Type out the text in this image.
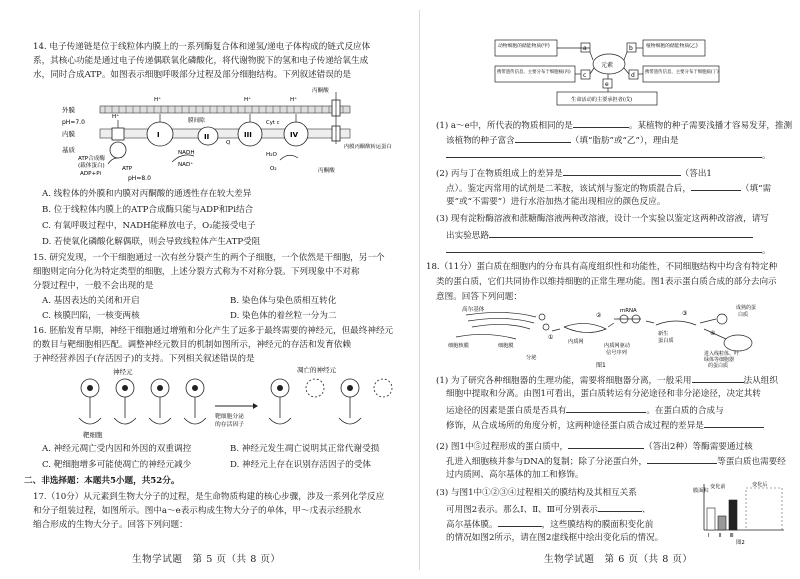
14. 电子传递链是位于线粒体内膜上的一系列酶复合体和递氢/递电子体构成的链式反应体
系，其核心功能是通过电子传递偶联氧化磷酸化，将代谢物脱下的氢和电子传递给氧生成
水，同时合成ATP。如图表示细胞呼吸部分过程及部分细胞结构。下列叙述错误的是
外膜
pH=7.0
内膜
基质
pH=8.0
I	II	III	IV
ATP合成酶
(载体蛋白)
ADP+Pi
ATP
NADH
NAD⁺
H₂O
O₂
丙酮酸
丙酮酸
内膜丙酮酸转运蛋白
H⁺	H⁺	H⁺
H⁺
Cyt c
Q
膜间隙
A. 线粒体的外膜和内膜对丙酮酸的通透性存在较大差异
B. 位于线粒体内膜上的ATP合成酶只能与ADP和Pi结合
C. 有氧呼吸过程中，NADH能释放电子，O₂能接受电子
D. 若使氧化磷酸化解偶联，则会导致线粒体产生ATP受阻
15. 研究发现，一个干细胞通过一次有丝分裂产生的两个子细胞，一个依然是干细胞，另一个
细胞则定向分化为特定类型的细胞，上述分裂方式称为不对称分裂。下列现象中不对称
分裂过程中，一般不会出现的是
A. 基因表达的关闭和开启	B. 染色体与染色质相互转化
C. 核膜凹陷，一核变两核	D. 染色体的着丝粒一分为二
16. 胚胎发育早期，神经干细胞通过增殖和分化产生了远多于最终需要的神经元，但最终神经元
的数目与靶细胞相匹配。调整神经元数目的机制如图所示，神经元的存活和发育依赖
于神经营养因子(存活因子)的支持。下列相关叙述错误的是
神经元	凋亡的神经元
靶细胞
靶细胞分泌
的存活因子
A. 神经元凋亡受内因和外因的双重调控	B. 神经元发生凋亡说明其正常代谢受损
C. 靶细胞增多可能使凋亡的神经元减少	D. 神经元上存在识别存活因子的受体
二、非选择题：本题共5小题，共52分。
17.（10分）从元素到生物大分子的过程，是生命物质构建的核心步骤，涉及一系列化学反应
和分子组装过程，如图所示。图中a～e表示构成生物大分子的单体，甲～戊表示经脱水
缩合形成的生物大分子。回答下列问题：
生物学试题　第 5 页（共 8 页）
动物细胞的储能物质(甲)	植物细胞的储能物质(乙)
携带遗传信息，主要分布于细胞核(丙)	携带遗传信息，主要分布于细胞质(丁)
生命活动的主要承担者(戊)
元素
a	b
c	d
e
(1) a～e中，所代表的物质相同的是	。某植物的种子需要浅播才容易发芽，推测
该植物的种子富含	（填“脂肪”或“乙”），理由是
。
(2) 丙与丁在物质组成上的差异是	（答出1
点）。鉴定丙常用的试剂是二苯胺，该试剂与鉴定的物质混合后，	（填“需
要”或“不需要”）进行水浴加热才能出现相应的颜色反应。
(3) 现有淀粉酶溶液和蔗糖酶溶液两种改溶液，设计一个实验以鉴定这两种改溶液，请写
出实验思路
。
18.（11分）蛋白质在细胞内的分布具有高度组织性和功能性，不同细胞结构中均含有特定种
类的蛋白质，它们共同协作以维持细胞的正常生理功能。图1表示蛋白质合成的部分去向示
意图。回答下列问题：
高尔基体
细胞核膜	细胞膜
内质网
mRNA
新生
蛋白质
内质网驱动
信号序列	进入线粒体、叶
绿体等细胞器
的蛋白质
成熟的蛋
白质
①
②	③
④
分泌
图1
(1) 为了研究各种细胞器的生理功能，需要将细胞器分离，一般采用	法从组织
细胞中提取和分离。由图1可看出，蛋白质转运有分泌途径和非分泌途径，决定其转
运途径的因素是蛋白质是否具有	。在蛋白质的合成与
修饰，从合成场所的角度分析，这两种途径蛋白质合成过程的差异是
(2) 图1中⑤过程形成的蛋白质中，	（答出2种）等酶需要通过核
孔进入细胞核并参与DNA的复制；除了分泌蛋白外，	等蛋白质也需要经
过内质网、高尔基体的加工和修饰。
(3) 与图1中①②③④过程相关的膜结构及其相互关系
可用图2表示。那么Ⅰ、Ⅱ、Ⅲ可分别表示	、
高尔基体膜。	，这些膜结构的膜面积变化前
的情况如图2所示，请在图2虚线框中绘出变化后的情况。
膜面积
变化前	变化后
Ⅰ Ⅱ Ⅲ
图2
生物学试题　第 6 页（共 8 页）
